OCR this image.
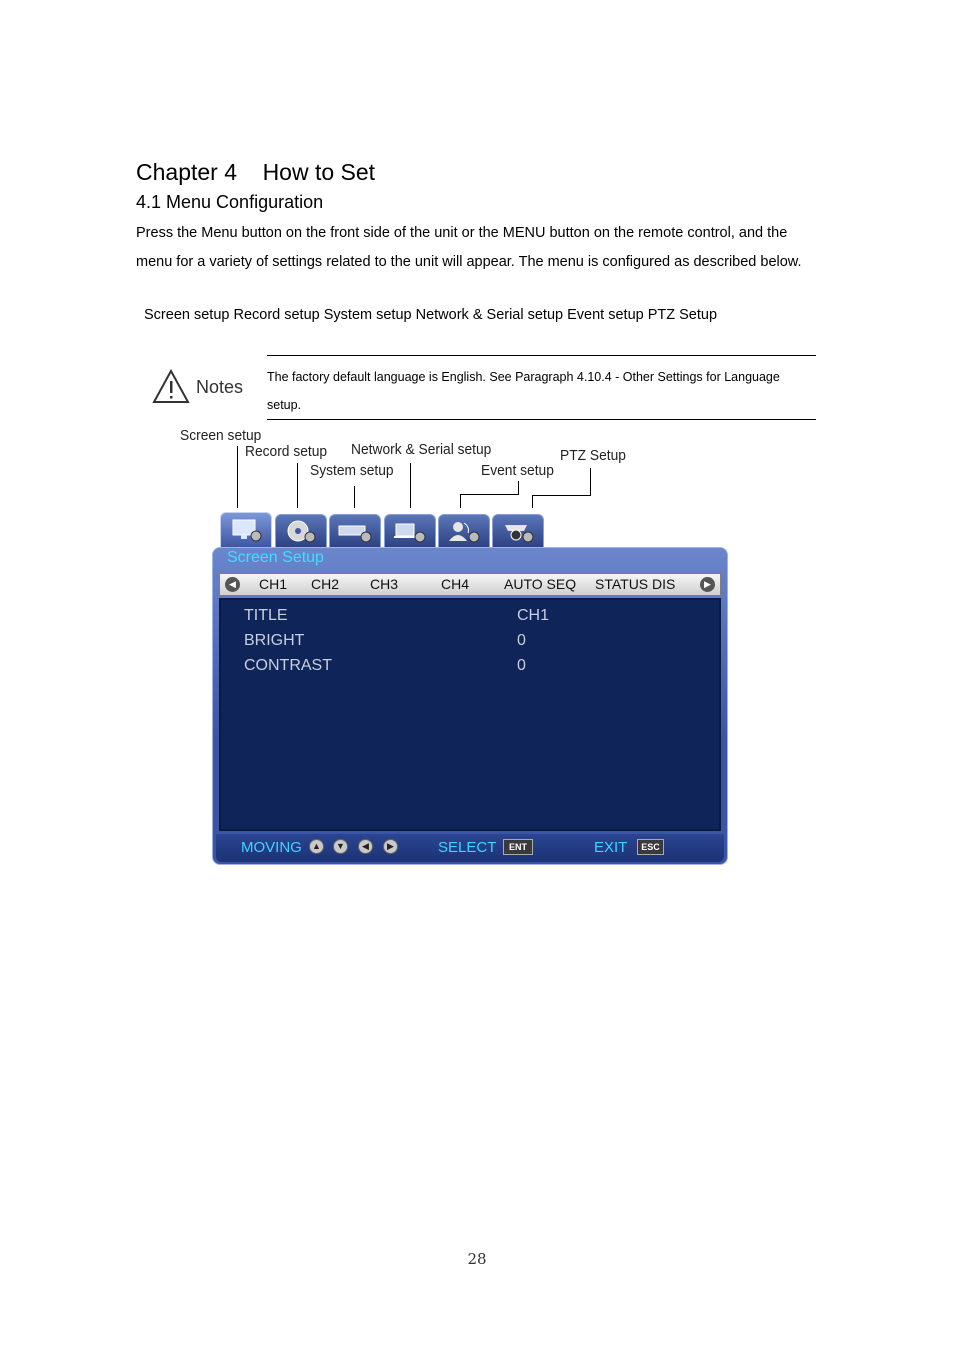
Chapter 4    How to Set
4.1 Menu Configuration
Press the Menu button on the front side of the unit or the MENU button on the remote control, and the menu for a variety of settings related to the unit will appear. The menu is configured as described below.
Screen setup Record setup System setup Network & Serial setup Event setup PTZ Setup
Notes The factory default language is English. See Paragraph 4.10.4 - Other Settings for Language setup.
Screen setup
Record setup Network & Serial setup
System setup	Event setup
PTZ Setup
Screen Setup
◀	▶
CH1 CH2 CH3	CH4 AUTO SEQ STATUS DIS
TITLE	CH1
BRIGHT	0
CONTRAST	0
MOVING	▲	▼	◀	▶	SELECT	ENT	EXIT	ESC
28
